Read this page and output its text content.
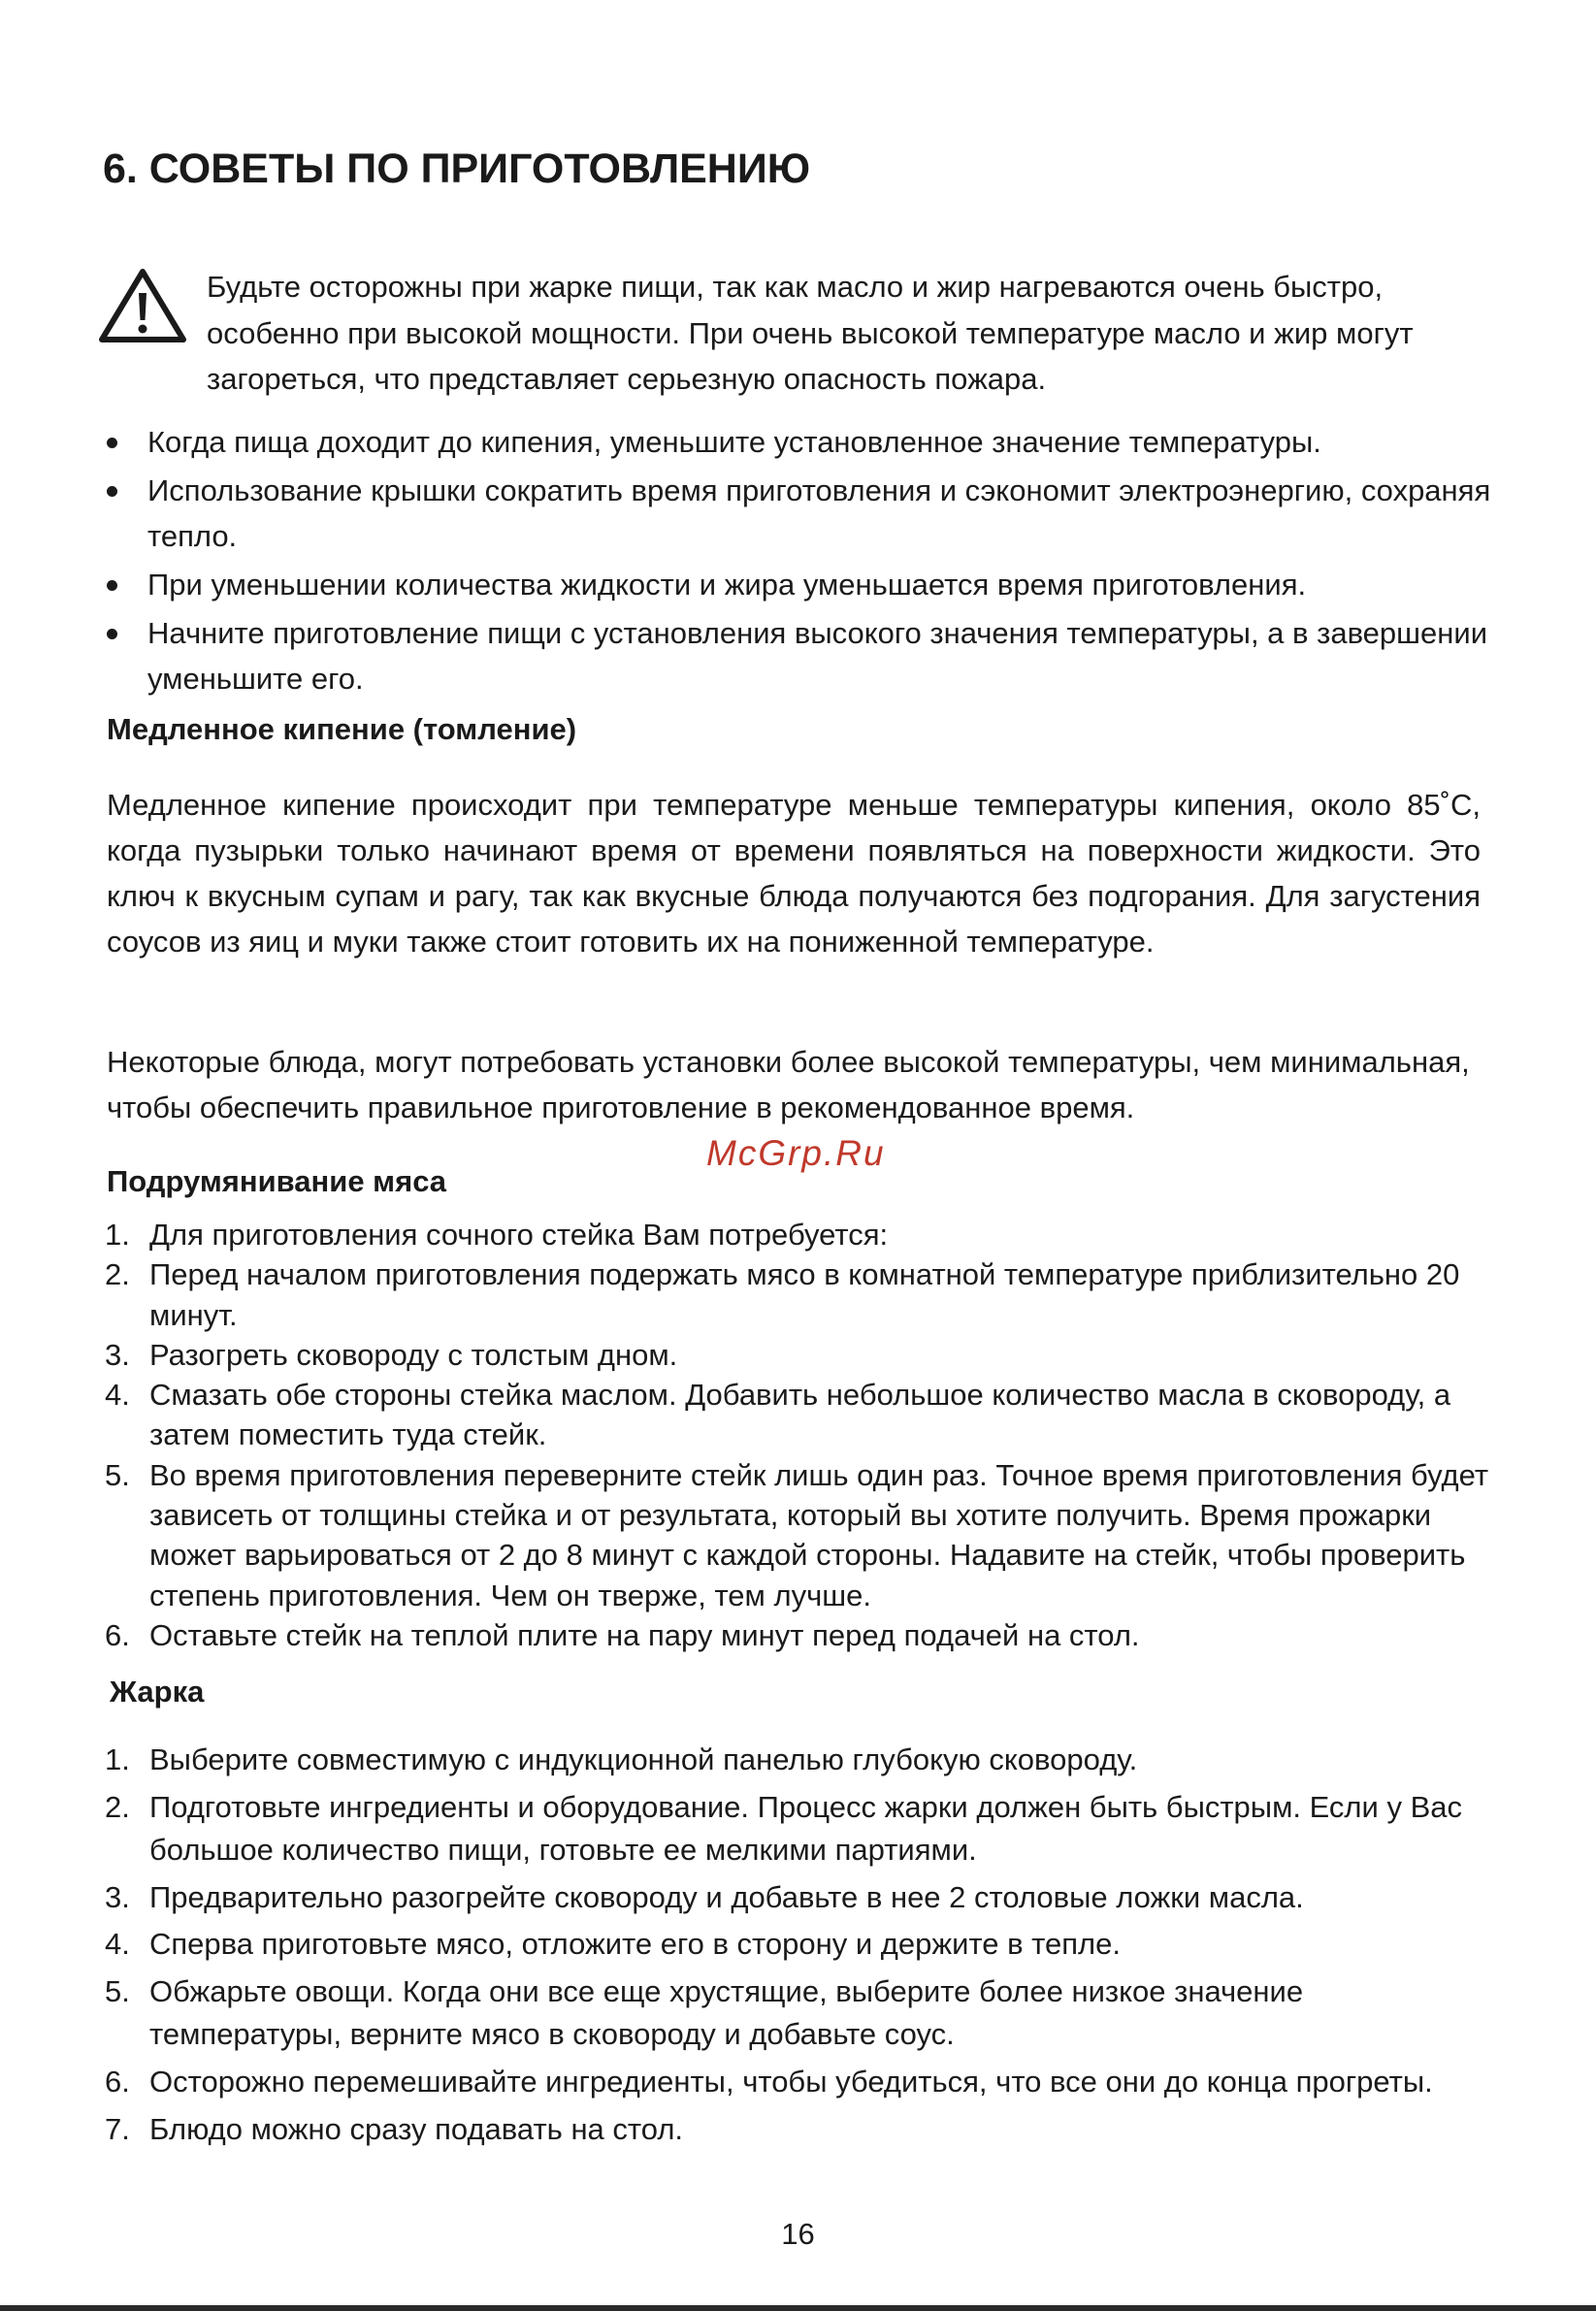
6. СОВЕТЫ ПО ПРИГОТОВЛЕНИЮ

Будьте осторожны при жарке пищи, так как масло и жир нагреваются очень быстро, особенно при высокой мощности. При очень высокой температуре масло и жир могут загореться, что представляет серьезную опасность пожара.

Когда пища доходит до кипения, уменьшите установленное значение температуры.
Использование крышки сократить время приготовления и сэкономит электроэнергию, сохраняя тепло.
При уменьшении количества жидкости и жира уменьшается время приготовления.
Начните приготовление пищи с установления высокого значения температуры, а в завершении уменьшите его.
Медленное кипение (томление)

Медленное кипение происходит при температуре меньше температуры кипения, около 85˚C, когда пузырьки только начинают время от времени появляться на поверхности жидкости. Это ключ к вкусным супам и рагу, так как вкусные блюда получаются без подгорания. Для загустения соусов из яиц и муки также стоит готовить их на пониженной температуре.

Некоторые блюда, могут потребовать установки более высокой температуры, чем минимальная, чтобы обеспечить правильное приготовление в рекомендованное время.

McGrp.Ru
Подрумянивание мяса
1. Для приготовления сочного стейка Вам потребуется:
2. Перед началом приготовления подержать мясо в комнатной температуре приблизительно 20 минут.
3. Разогреть сковороду с толстым дном.
4. Смазать обе стороны стейка маслом. Добавить небольшое количество масла в сковороду, а затем поместить туда стейк.
5. Во время приготовления переверните стейк лишь один раз. Точное время приготовления будет зависеть от толщины стейка и от результата, который вы хотите получить. Время прожарки может варьироваться от 2 до 8 минут с каждой стороны. Надавите на стейк, чтобы проверить степень приготовления. Чем он тверже, тем лучше.
6. Оставьте стейк на теплой плите на пару минут перед подачей на стол.
Жарка
1. Выберите совместимую с индукционной панелью глубокую сковороду.
2. Подготовьте ингредиенты и оборудование. Процесс жарки должен быть быстрым. Если у Вас большое количество пищи, готовьте ее мелкими партиями.
3. Предварительно разогрейте сковороду и добавьте в нее 2 столовые ложки масла.
4. Сперва приготовьте мясо, отложите его в сторону и держите в тепле.
5. Обжарьте овощи. Когда они все еще хрустящие, выберите более низкое значение температуры, верните мясо в сковороду и добавьте соус.
6. Осторожно перемешивайте ингредиенты, чтобы убедиться, что все они до конца прогреты.
7. Блюдо можно сразу подавать на стол.
16
